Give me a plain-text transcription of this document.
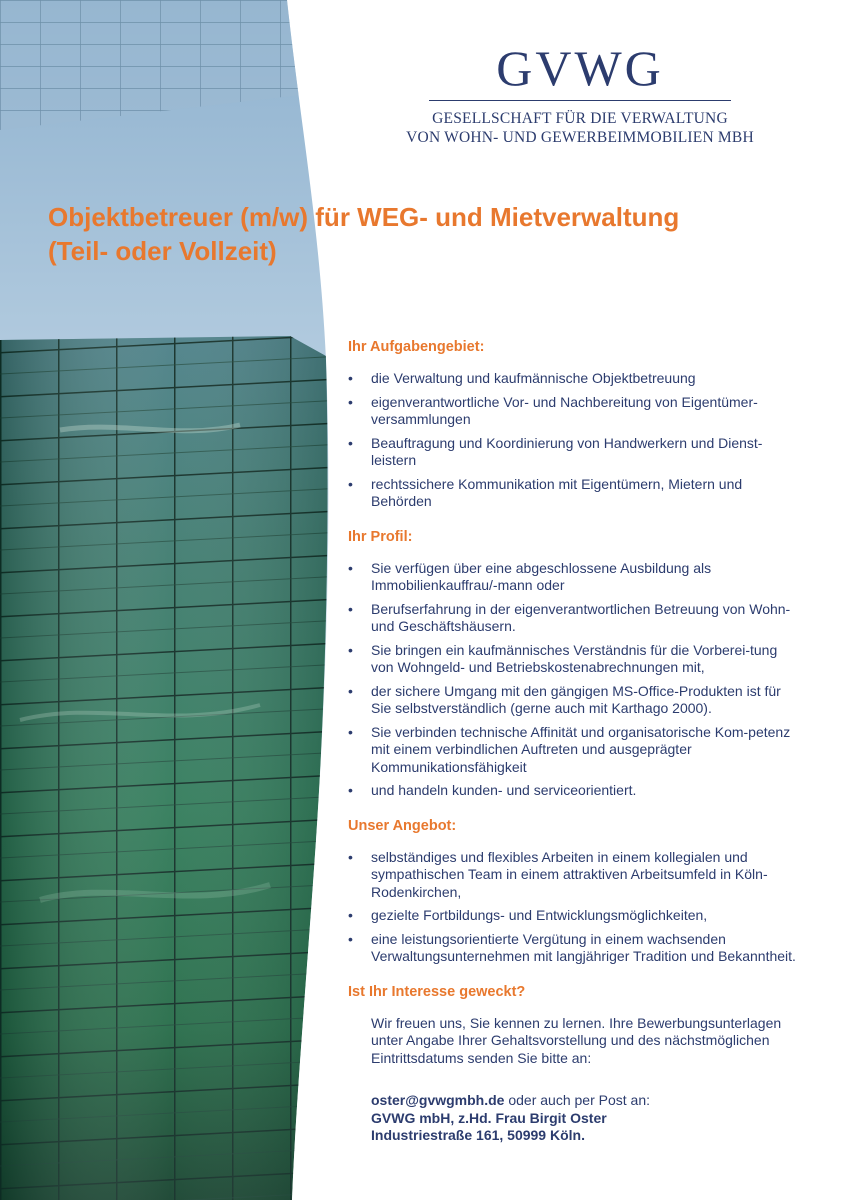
GVWG
GESELLSCHAFT FÜR DIE VERWALTUNG
VON WOHN- UND GEWERBEIMMOBILIEN MBH
Objektbetreuer (m/w) für WEG- und Mietverwaltung
(Teil- oder Vollzeit)
Ihr Aufgabengebiet:
• die Verwaltung und kaufmännische Objektbetreuung
• eigenverantwortliche Vor- und Nachbereitung von Eigentümer-versammlungen
• Beauftragung und Koordinierung von Handwerkern und Dienst-leistern
• rechtssichere Kommunikation mit Eigentümern, Mietern und Behörden
Ihr Profil:
• Sie verfügen über eine abgeschlossene Ausbildung als Immobilienkauffrau/-mann oder
• Berufserfahrung in der eigenverantwortlichen Betreuung von Wohn- und Geschäftshäusern.
• Sie bringen ein kaufmännisches Verständnis für die Vorberei-tung von Wohngeld- und Betriebskostenabrechnungen mit,
• der sichere Umgang mit den gängigen MS-Office-Produkten ist für Sie selbstverständlich (gerne auch mit Karthago 2000).
• Sie verbinden technische Affinität und organisatorische Kom-petenz mit einem verbindlichen Auftreten und ausgeprägter Kommunikationsfähigkeit
• und handeln kunden- und serviceorientiert.
Unser Angebot:
• selbständiges und flexibles Arbeiten in einem kollegialen und sympathischen Team in einem attraktiven Arbeitsumfeld in Köln-Rodenkirchen,
• gezielte Fortbildungs- und Entwicklungsmöglichkeiten,
• eine leistungsorientierte Vergütung in einem wachsenden Verwaltungsunternehmen mit langjähriger Tradition und Bekanntheit.
Ist Ihr Interesse geweckt?

Wir freuen uns, Sie kennen zu lernen. Ihre Bewerbungsunterlagen unter Angabe Ihrer Gehaltsvorstellung und des nächstmöglichen Eintrittsdatums senden Sie bitte an:

oster@gvwgmbh.de oder auch per Post an:
GVWG mbH, z.Hd. Frau Birgit Oster
Industriestraße 161, 50999 Köln.
